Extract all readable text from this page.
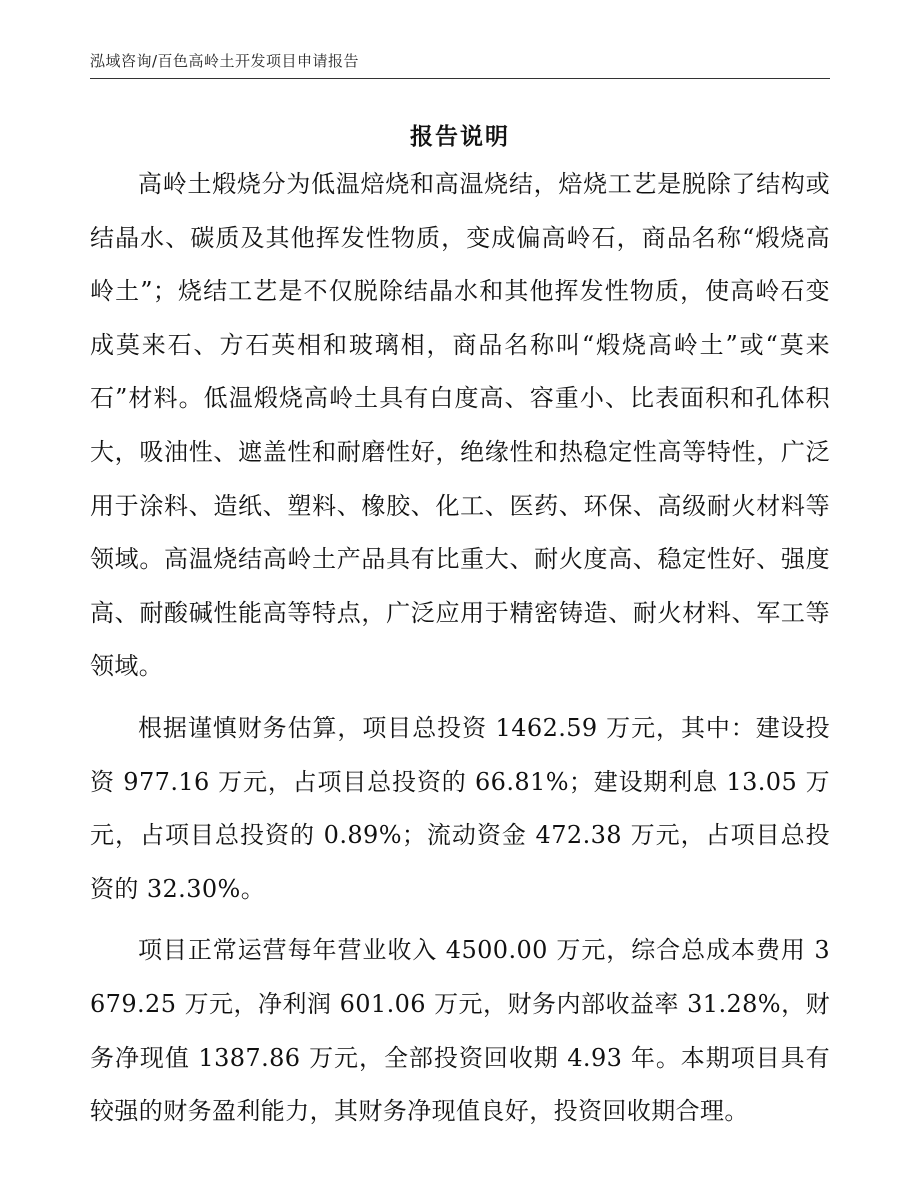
泓域咨询/百色高岭土开发项目申请报告
报告说明

高岭土煅烧分为低温焙烧和高温烧结，焙烧工艺是脱除了结构或结晶水、碳质及其他挥发性物质，变成偏高岭石，商品名称“煅烧高岭土”；烧结工艺是不仅脱除结晶水和其他挥发性物质，使高岭石变成莫来石、方石英相和玻璃相，商品名称叫“煅烧高岭土”或“莫来石”材料。低温煅烧高岭土具有白度高、容重小、比表面积和孔体积大，吸油性、遮盖性和耐磨性好，绝缘性和热稳定性高等特性，广泛用于涂料、造纸、塑料、橡胶、化工、医药、环保、高级耐火材料等领域。高温烧结高岭土产品具有比重大、耐火度高、稳定性好、强度高、耐酸碱性能高等特点，广泛应用于精密铸造、耐火材料、军工等领域。

根据谨慎财务估算，项目总投资 1462.59 万元，其中：建设投资 977.16 万元，占项目总投资的 66.81%；建设期利息 13.05 万元，占项目总投资的 0.89%；流动资金 472.38 万元，占项目总投资的 32.30%。

项目正常运营每年营业收入 4500.00 万元，综合总成本费用 3679.25 万元，净利润 601.06 万元，财务内部收益率 31.28%，财务净现值 1387.86 万元，全部投资回收期 4.93 年。本期项目具有较强的财务盈利能力，其财务净现值良好，投资回收期合理。
